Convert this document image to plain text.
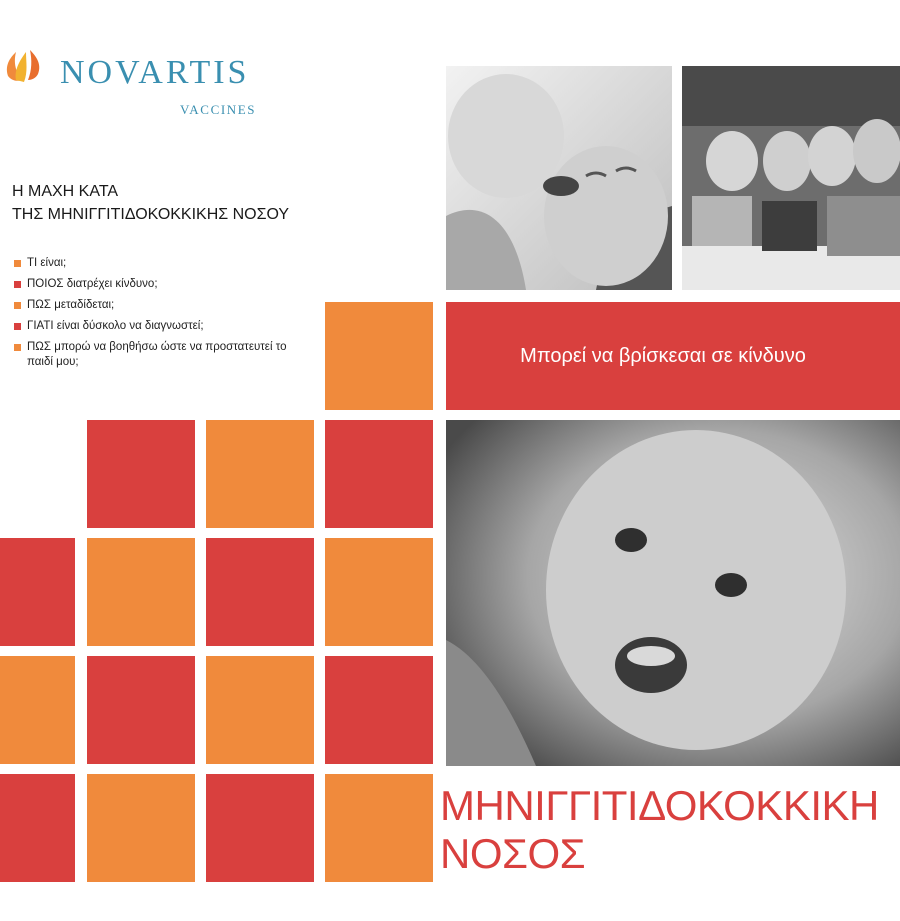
NOVARTIS
VACCINES
Η ΜΑΧΗ ΚΑΤΑ
ΤΗΣ ΜΗΝΙΓΓΙΤΙΔΟΚΟΚΚΙΚΗΣ ΝΟΣΟΥ
ΤΙ είναι;
ΠΟΙΟΣ διατρέχει κίνδυνο;
ΠΩΣ μεταδίδεται;
ΓΙΑΤΙ είναι δύσκολο να διαγνωστεί;
ΠΩΣ μπορώ να βοηθήσω ώστε να προστατευτεί το παιδί μου;	Μπορεί να βρίσκεσαι σε κίνδυνο
ΜΗΝΙΓΓΙΤΙΔΟΚΟΚΚΙΚΗ
ΝΟΣΟΣ
